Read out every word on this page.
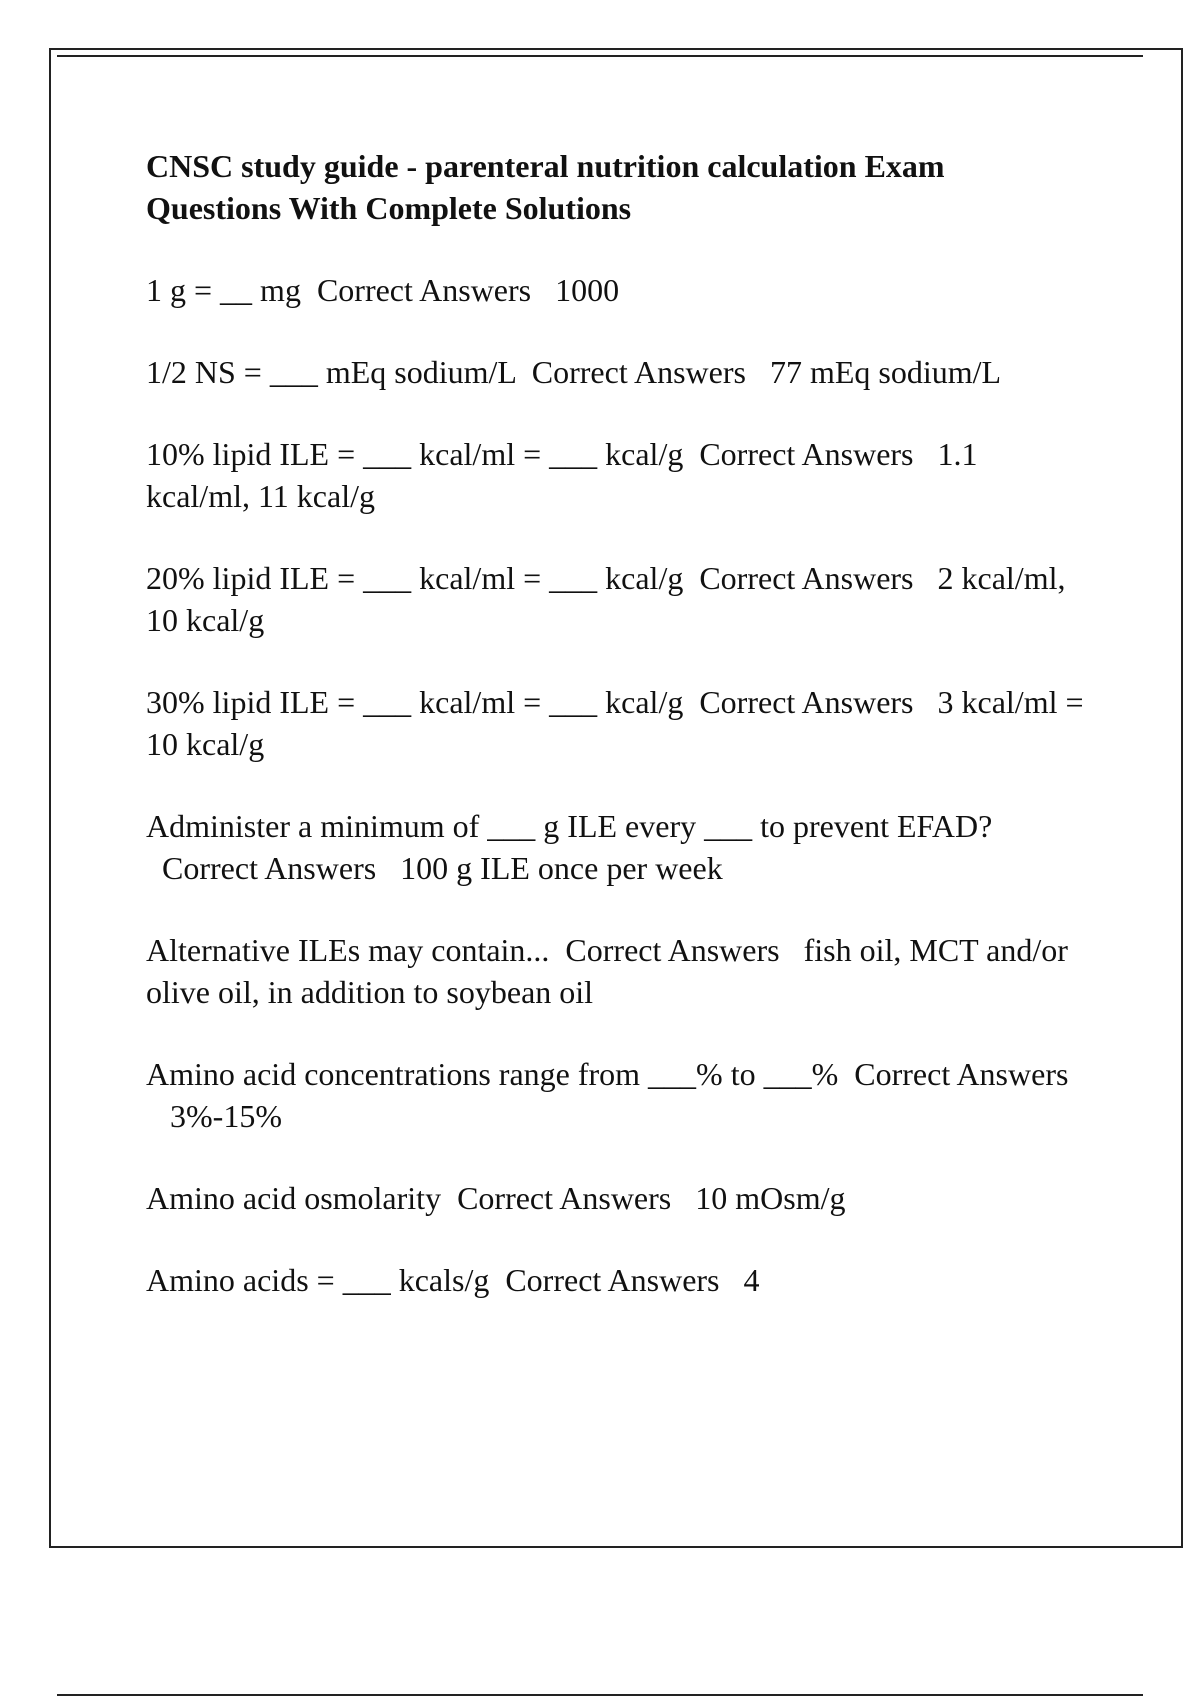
CNSC study guide - parenteral nutrition calculation Exam Questions With Complete Solutions

1 g = __ mg Correct Answers 1000

1/2 NS = ___ mEq sodium/L Correct Answers 77 mEq sodium/L

10% lipid ILE = ___ kcal/ml = ___ kcal/g Correct Answers 1.1 kcal/ml, 11 kcal/g

20% lipid ILE = ___ kcal/ml = ___ kcal/g Correct Answers 2 kcal/ml, 10 kcal/g

30% lipid ILE = ___ kcal/ml = ___ kcal/g Correct Answers 3 kcal/ml = 10 kcal/g

Administer a minimum of ___ g ILE every ___ to prevent EFAD?  Correct Answers 100 g ILE once per week

Alternative ILEs may contain... Correct Answers fish oil, MCT and/or olive oil, in addition to soybean oil

Amino acid concentrations range from ___% to ___% Correct Answers   3%-15%

Amino acid osmolarity Correct Answers 10 mOsm/g

Amino acids = ___ kcals/g Correct Answers 4
